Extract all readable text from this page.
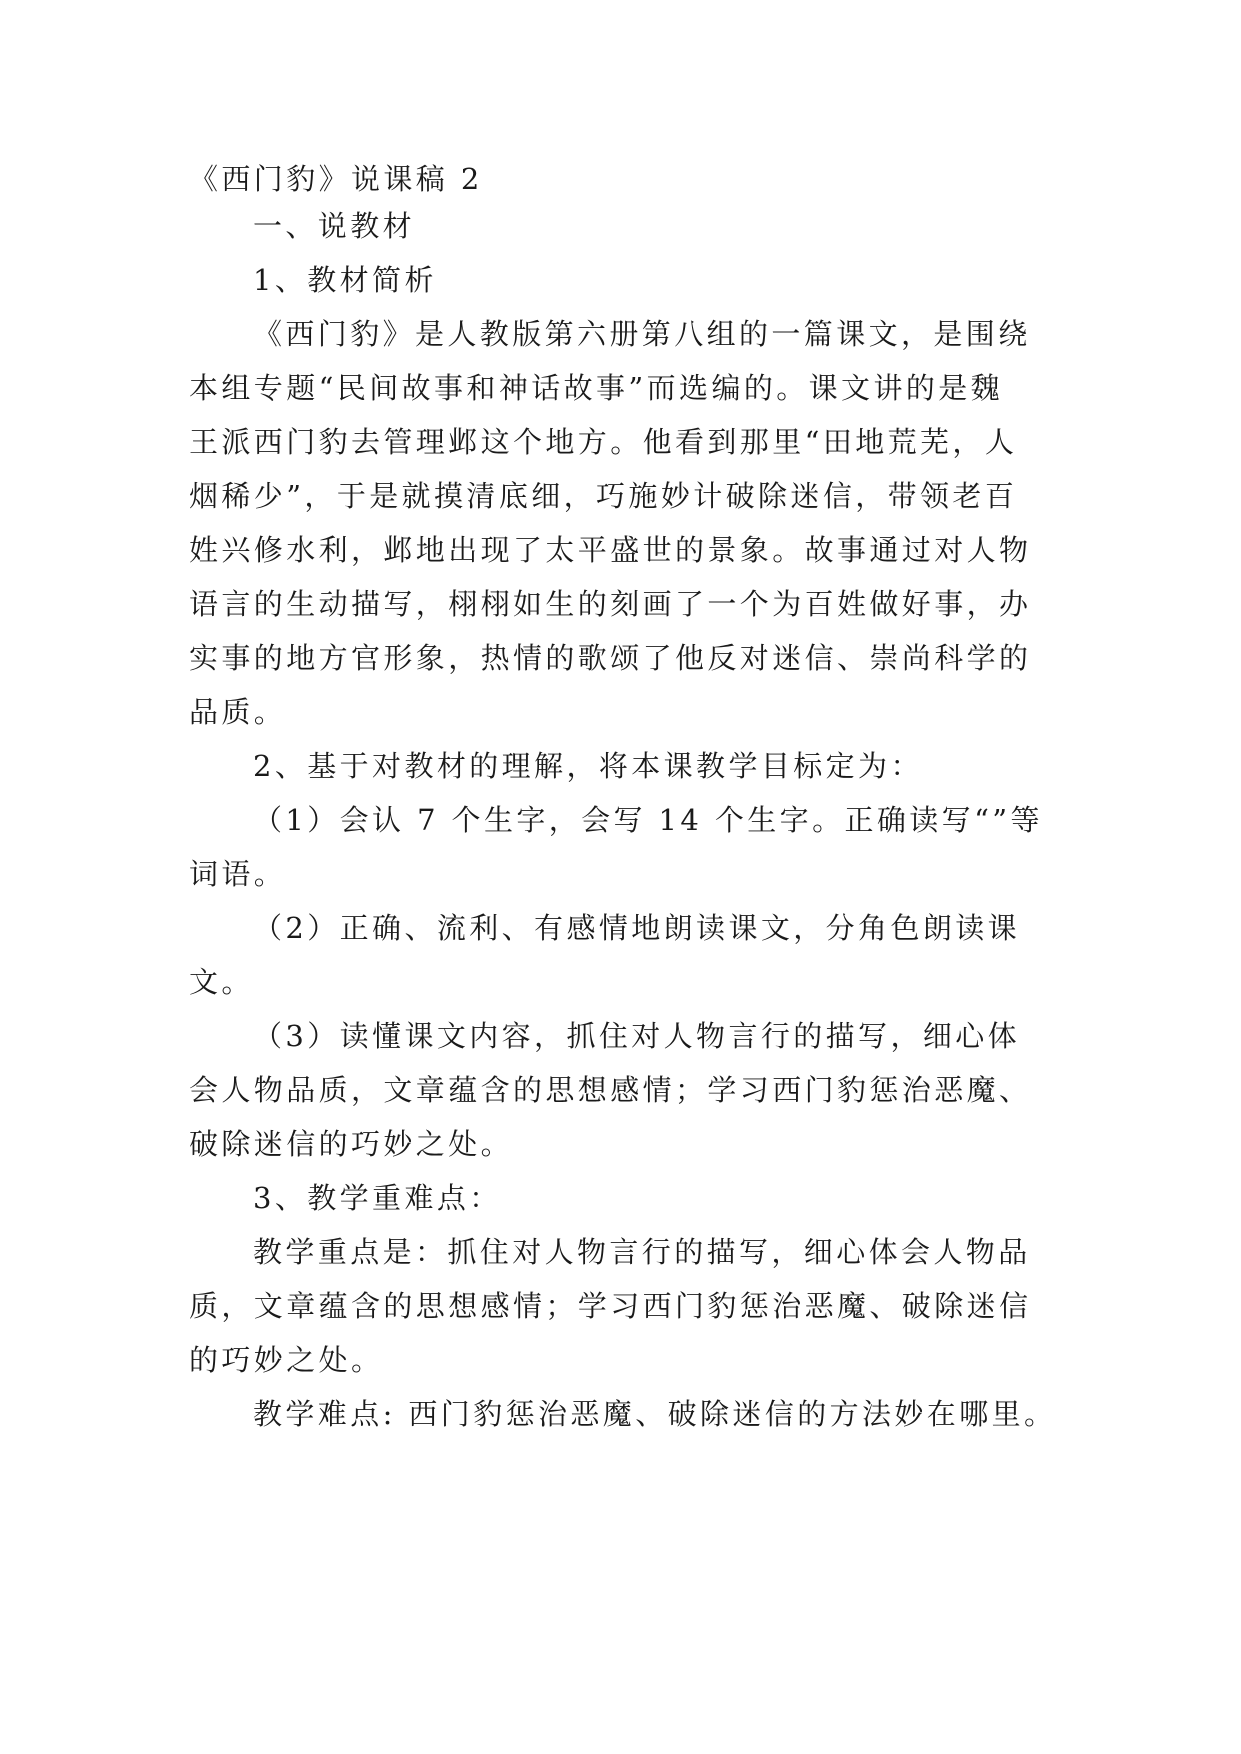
《西门豹》说课稿 2
一、说教材
1、教材简析
《西门豹》是人教版第六册第八组的一篇课文，是围绕
本组专题“民间故事和神话故事”而选编的。课文讲的是魏
王派西门豹去管理邺这个地方。他看到那里“田地荒芜，人
烟稀少”，于是就摸清底细，巧施妙计破除迷信，带领老百
姓兴修水利，邺地出现了太平盛世的景象。故事通过对人物
语言的生动描写，栩栩如生的刻画了一个为百姓做好事，办
实事的地方官形象，热情的歌颂了他反对迷信、崇尚科学的
品质。
2、基于对教材的理解，将本课教学目标定为：
（1）会认 7 个生字，会写 14 个生字。正确读写“”等
词语。
（2）正确、流利、有感情地朗读课文，分角色朗读课
文。
（3）读懂课文内容，抓住对人物言行的描写，细心体
会人物品质，文章蕴含的思想感情；学习西门豹惩治恶魔、
破除迷信的巧妙之处。
3、教学重难点：
教学重点是：抓住对人物言行的描写，细心体会人物品
质，文章蕴含的思想感情；学习西门豹惩治恶魔、破除迷信
的巧妙之处。
教学难点: 西门豹惩治恶魔、破除迷信的方法妙在哪里。
